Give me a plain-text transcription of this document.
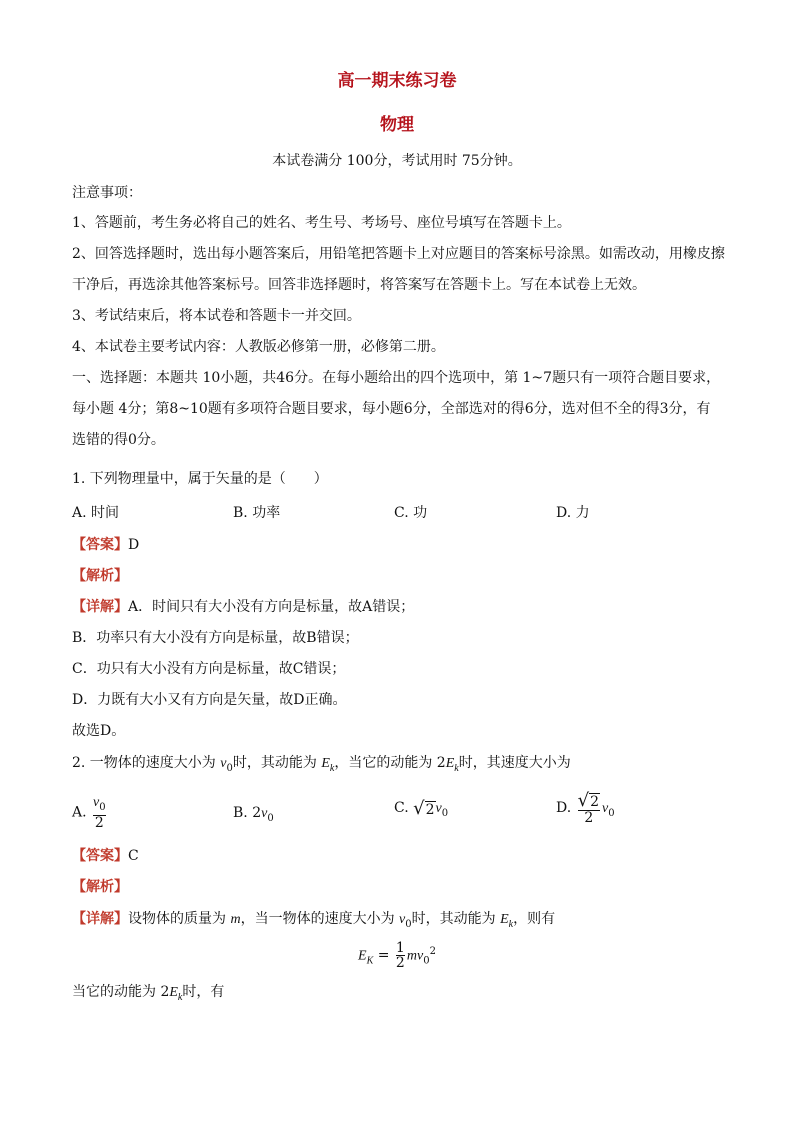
高一期末练习卷
物理
本试卷满分 100分，考试用时 75分钟。
注意事项：
1、答题前，考生务必将自己的姓名、考生号、考场号、座位号填写在答题卡上。
2、回答选择题时，选出每小题答案后，用铅笔把答题卡上对应题目的答案标号涂黑。如需改动，用橡皮擦
干净后，再选涂其他答案标号。回答非选择题时，将答案写在答题卡上。写在本试卷上无效。
3、考试结束后，将本试卷和答题卡一并交回。
4、本试卷主要考试内容：人教版必修第一册，必修第二册。
一、选择题：本题共 10小题，共46分。在每小题给出的四个选项中，第 1~7题只有一项符合题目要求，
每小题 4分；第8~10题有多项符合题目要求，每小题6分，全部选对的得6分，选对但不全的得3分，有
选错的得0分。
1. 下列物理量中，属于矢量的是（　　）
A. 时间	B. 功率	C. 功	D. 力
【答案】D
【解析】
【详解】A．时间只有大小没有方向是标量，故A错误；
B．功率只有大小没有方向是标量，故B错误；
C．功只有大小没有方向是标量，故C错误；
D．力既有大小又有方向是矢量，故D正确。
故选D。
2. 一物体的速度大小为 $v_0$时，其动能为 $E_k$，当它的动能为 $2E_k$时，其速度大小为
A. $\frac{v_0}{2}$	B. $2v_0$
C. √ 2 $v_0$	D. $\frac{√ 2}{2} v_0$
【答案】C
【解析】
【详解】设物体的质量为 m，当一物体的速度大小为 $v_0$时，其动能为 $E_k$，则有
$E_K = \frac{1}{2} mv_0^2$
当它的动能为 $2E_k$时，有
